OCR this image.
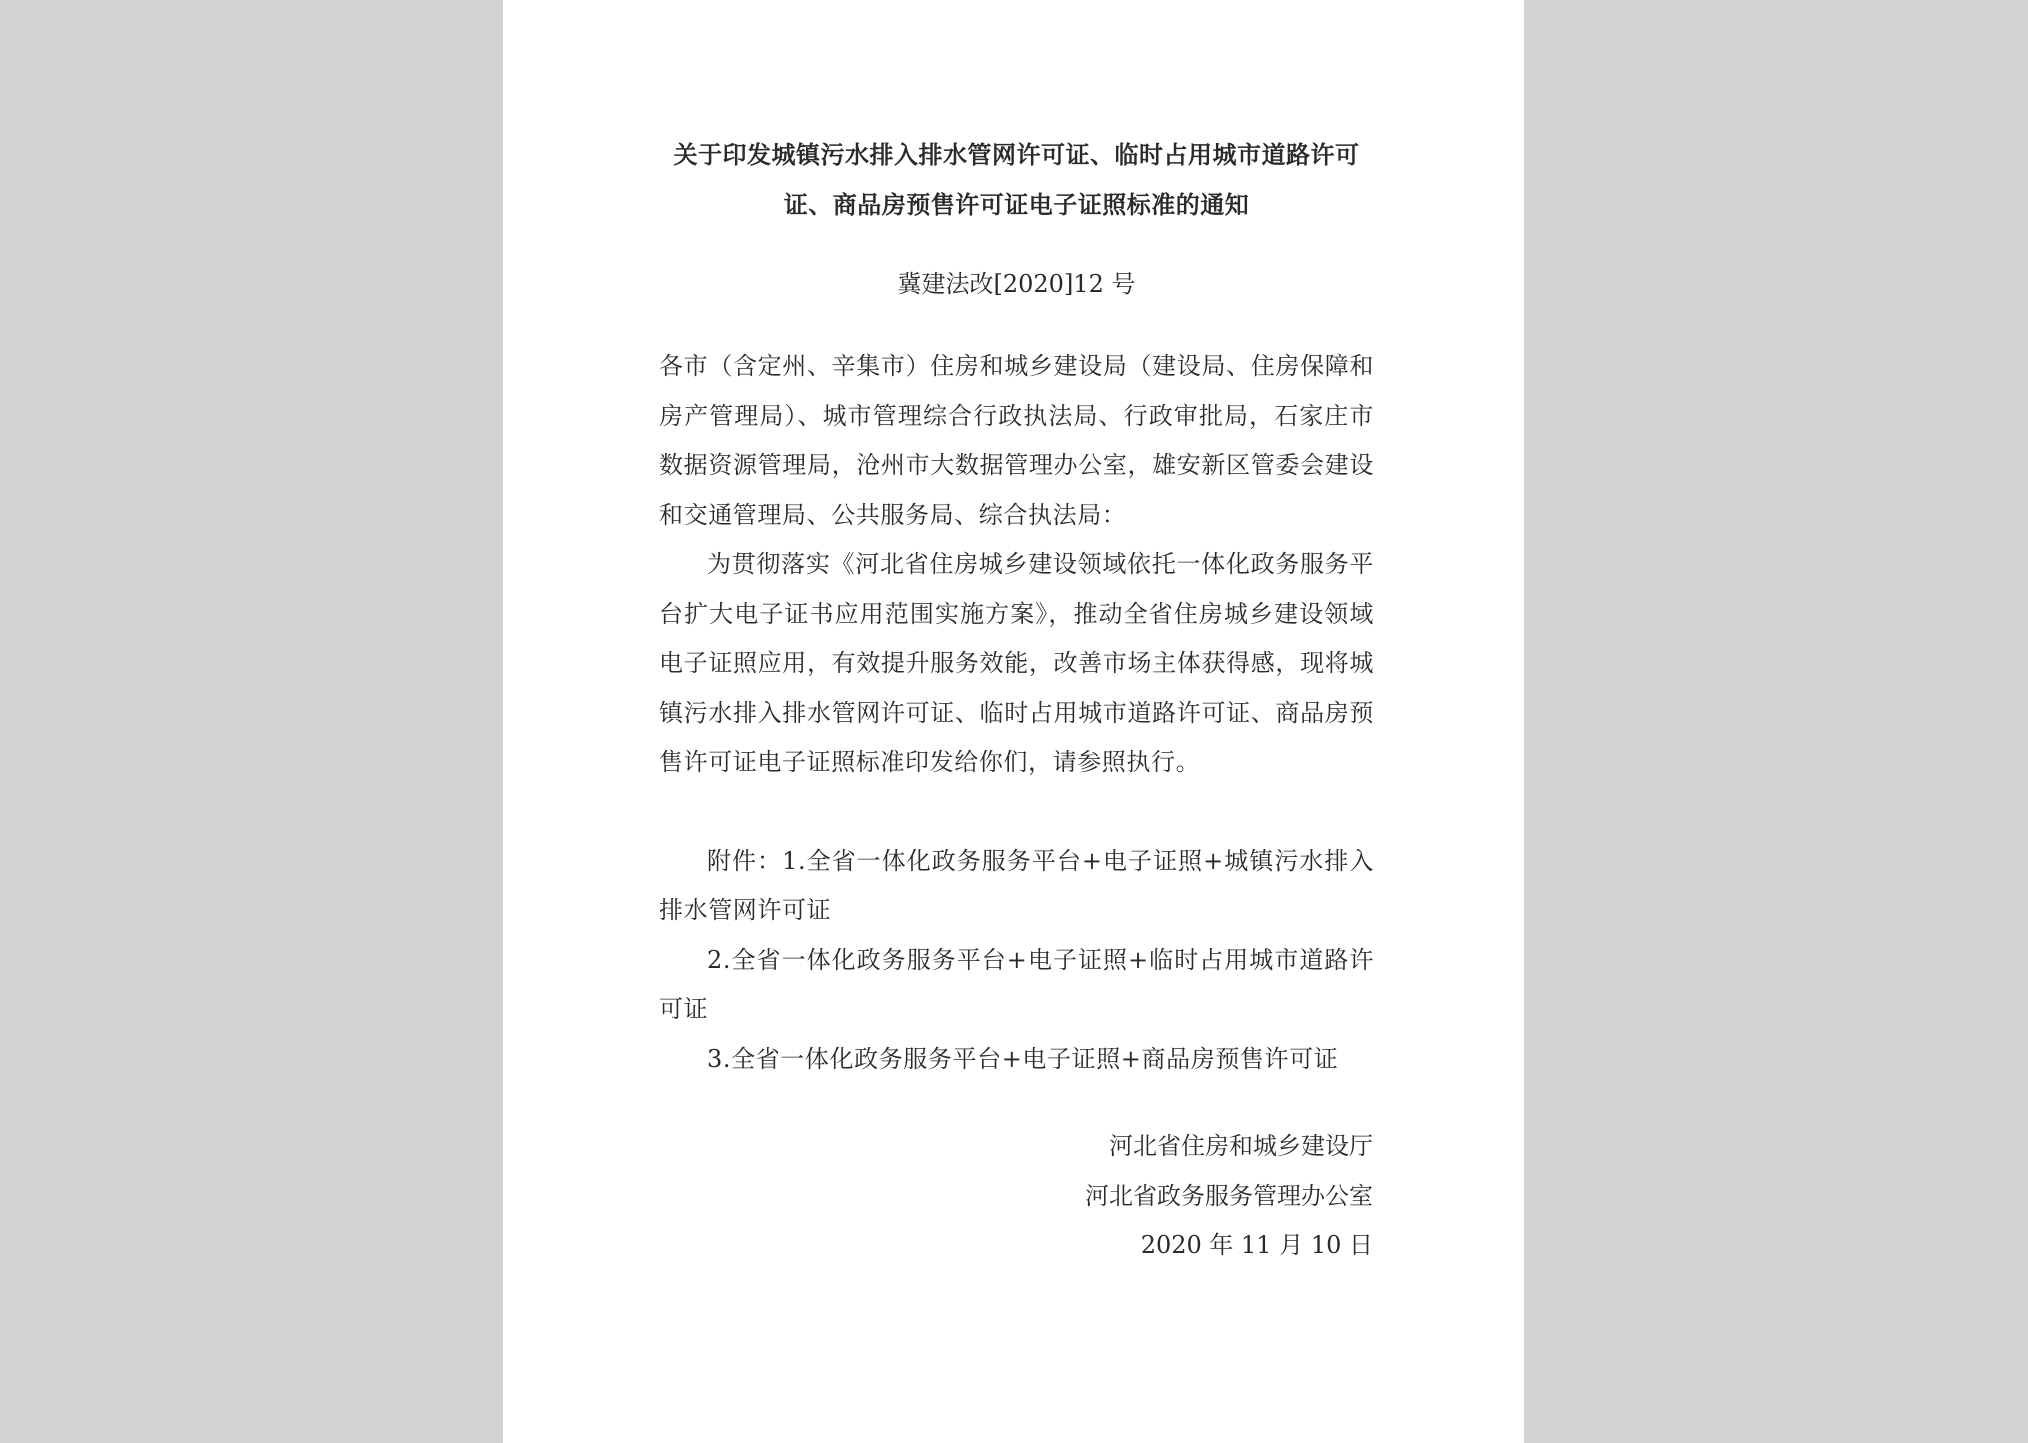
关于印发城镇污水排入排水管网许可证、临时占用城市道路许可
证、商品房预售许可证电子证照标准的通知
冀建法改[2020]12 号

各市（含定州、辛集市）住房和城乡建设局（建设局、住房保障和房产管理局）、城市管理综合行政执法局、行政审批局，石家庄市数据资源管理局，沧州市大数据管理办公室，雄安新区管委会建设和交通管理局、公共服务局、综合执法局：

为贯彻落实《河北省住房城乡建设领域依托一体化政务服务平台扩大电子证书应用范围实施方案》，推动全省住房城乡建设领域电子证照应用，有效提升服务效能，改善市场主体获得感，现将城镇污水排入排水管网许可证、临时占用城市道路许可证、商品房预售许可证电子证照标准印发给你们，请参照执行。

附件：1.全省一体化政务服务平台+电子证照+城镇污水排入排水管网许可证

2.全省一体化政务服务平台+电子证照+临时占用城市道路许可证

3.全省一体化政务服务平台+电子证照+商品房预售许可证

河北省住房和城乡建设厅
河北省政务服务管理办公室
2020 年 11 月 10 日
